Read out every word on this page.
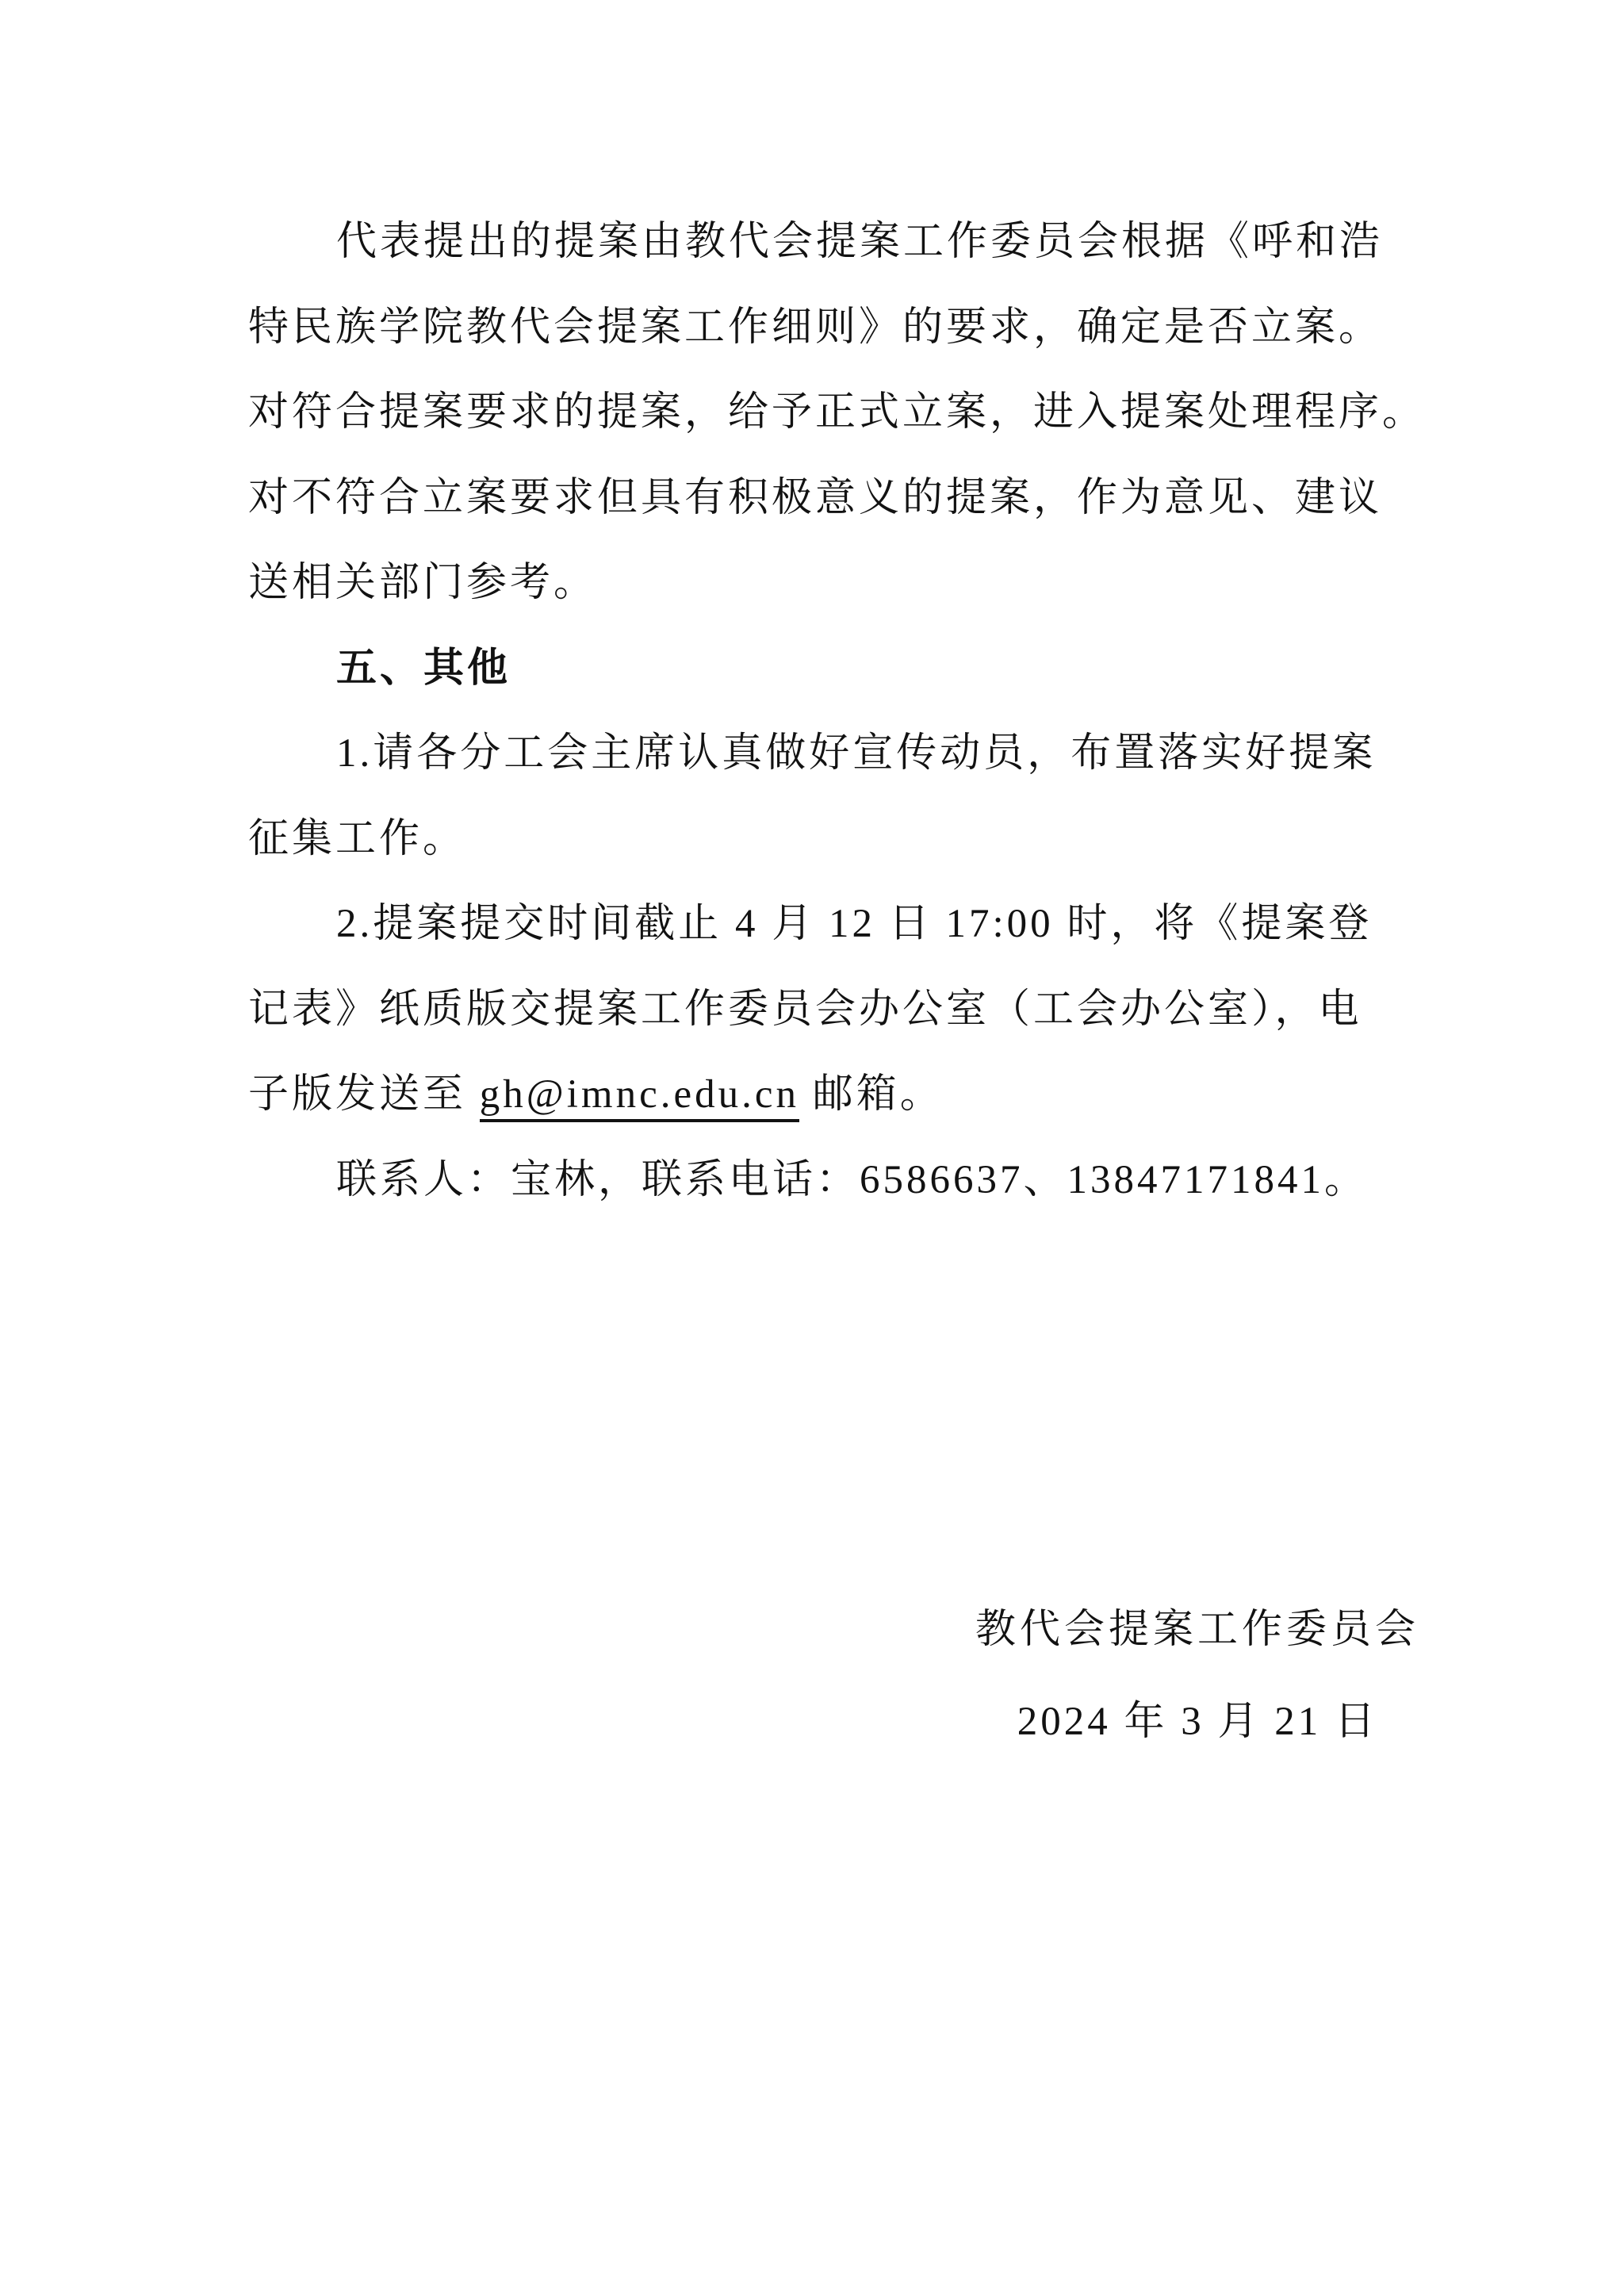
代表提出的提案由教代会提案工作委员会根据《呼和浩
特民族学院教代会提案工作细则》的要求，确定是否立案。
对符合提案要求的提案，给予正式立案，进入提案处理程序。
对不符合立案要求但具有积极意义的提案，作为意见、建议
送相关部门参考。
五、其他
1.请各分工会主席认真做好宣传动员，布置落实好提案
征集工作。
2.提案提交时间截止 4 月 12 日 17:00 时，将《提案登
记表》纸质版交提案工作委员会办公室（工会办公室），电
子版发送至 gh@imnc.edu.cn 邮箱。
联系人：宝林，联系电话：6586637、13847171841。
教代会提案工作委员会
2024 年 3 月 21 日
